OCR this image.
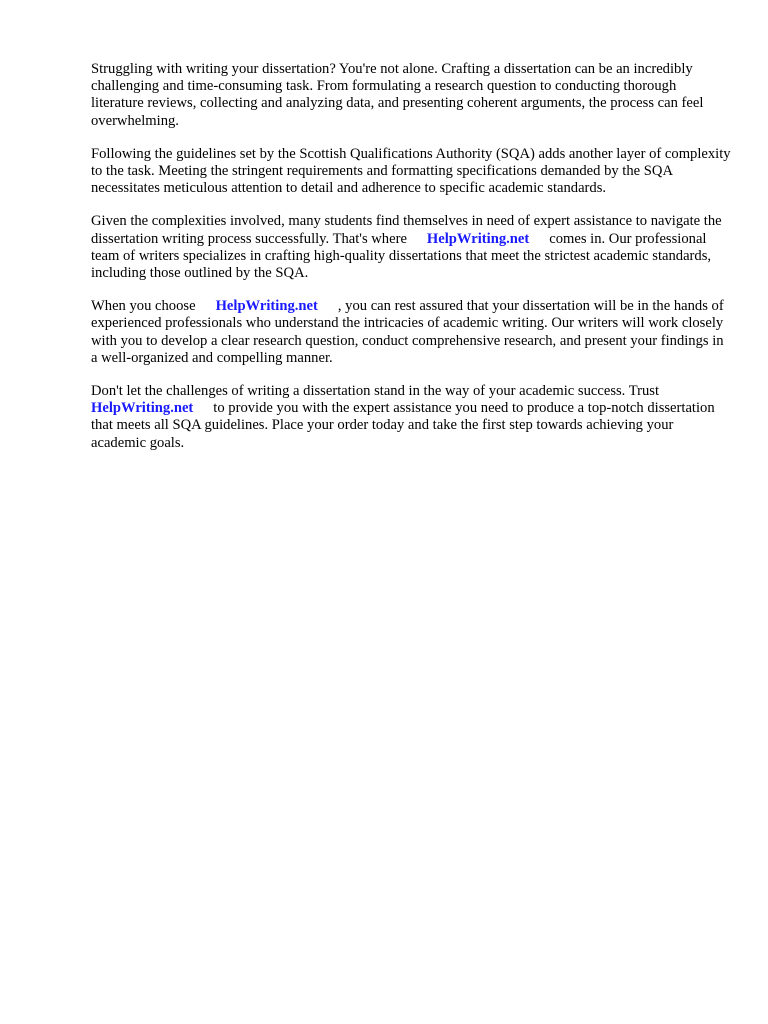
Struggling with writing your dissertation? You're not alone. Crafting a dissertation can be an incredibly challenging and time-consuming task. From formulating a research question to conducting thorough literature reviews, collecting and analyzing data, and presenting coherent arguments, the process can feel overwhelming.

Following the guidelines set by the Scottish Qualifications Authority (SQA) adds another layer of complexity to the task. Meeting the stringent requirements and formatting specifications demanded by the SQA necessitates meticulous attention to detail and adherence to specific academic standards.

Given the complexities involved, many students find themselves in need of expert assistance to navigate the dissertation writing process successfully. That's where HelpWriting.net comes in. Our professional team of writers specializes in crafting high-quality dissertations that meet the strictest academic standards, including those outlined by the SQA.

When you choose HelpWriting.net , you can rest assured that your dissertation will be in the hands of experienced professionals who understand the intricacies of academic writing. Our writers will work closely with you to develop a clear research question, conduct comprehensive research, and present your findings in a well-organized and compelling manner.

Don't let the challenges of writing a dissertation stand in the way of your academic success. Trust HelpWriting.net to provide you with the expert assistance you need to produce a top-notch dissertation that meets all SQA guidelines. Place your order today and take the first step towards achieving your academic goals.
